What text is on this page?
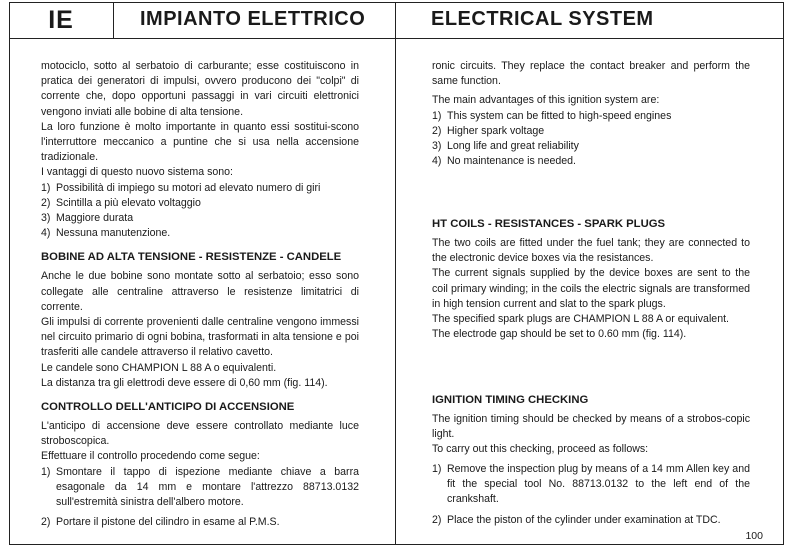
IE	IMPIANTO ELETTRICO	ELECTRICAL SYSTEM

motociclo, sotto al serbatoio di carburante; esse costituiscono in pratica dei generatori di impulsi, ovvero producono dei "colpi" di corrente che, dopo opportuni passaggi in vari circuiti elettronici vengono inviati alle bobine di alta tensione.

La loro funzione è molto importante in quanto essi sostitui-scono l'interruttore meccanico a puntine che si usa nella accensione tradizionale.

I vantaggi di questo nuovo sistema sono:

1) Possibilità di impiego su motori ad elevato numero di giri
2) Scintilla a più elevato voltaggio
3) Maggiore durata
4) Nessuna manutenzione.
BOBINE AD ALTA TENSIONE - RESISTENZE - CANDELE

Anche le due bobine sono montate sotto al serbatoio; esso sono collegate alle centraline attraverso le resistenze limitatrici di corrente.

Gli impulsi di corrente provenienti dalle centraline vengono immessi nel circuito primario di ogni bobina, trasformati in alta tensione e poi trasferiti alle candele attraverso il relativo cavetto.

Le candele sono CHAMPION L 88 A o equivalenti.

La distanza tra gli elettrodi deve essere di 0,60 mm (fig. 114).

CONTROLLO DELL'ANTICIPO DI ACCENSIONE

L'anticipo di accensione deve essere controllato mediante luce stroboscopica.

Effettuare il controllo procedendo come segue:

1) Smontare il tappo di ispezione mediante chiave a barra esagonale da 14 mm e montare l'attrezzo 88713.0132 sull'estremità sinistra dell'albero motore.
2) Portare il pistone del cilindro in esame al P.M.S.

ronic circuits. They replace the contact breaker and perform the same function.

The main advantages of this ignition system are:

1) This system can be fitted to high-speed engines
2) Higher spark voltage
3) Long life and great reliability
4) No maintenance is needed.
HT COILS - RESISTANCES - SPARK PLUGS

The two coils are fitted under the fuel tank; they are connected to the electronic device boxes via the resistances.

The current signals supplied by the device boxes are sent to the coil primary winding; in the coils the electric signals are transformed in high tension current and slat to the spark plugs.

The specified spark plugs are CHAMPION L 88 A or equivalent.

The electrode gap should be set to 0.60 mm (fig. 114).

IGNITION TIMING CHECKING

The ignition timing should be checked by means of a strobos-copic light.

To carry out this checking, proceed as follows:

1) Remove the inspection plug by means of a 14 mm Allen key and fit the special tool No. 88713.0132 to the left end of the crankshaft.
2) Place the piston of the cylinder under examination at TDC.
100
